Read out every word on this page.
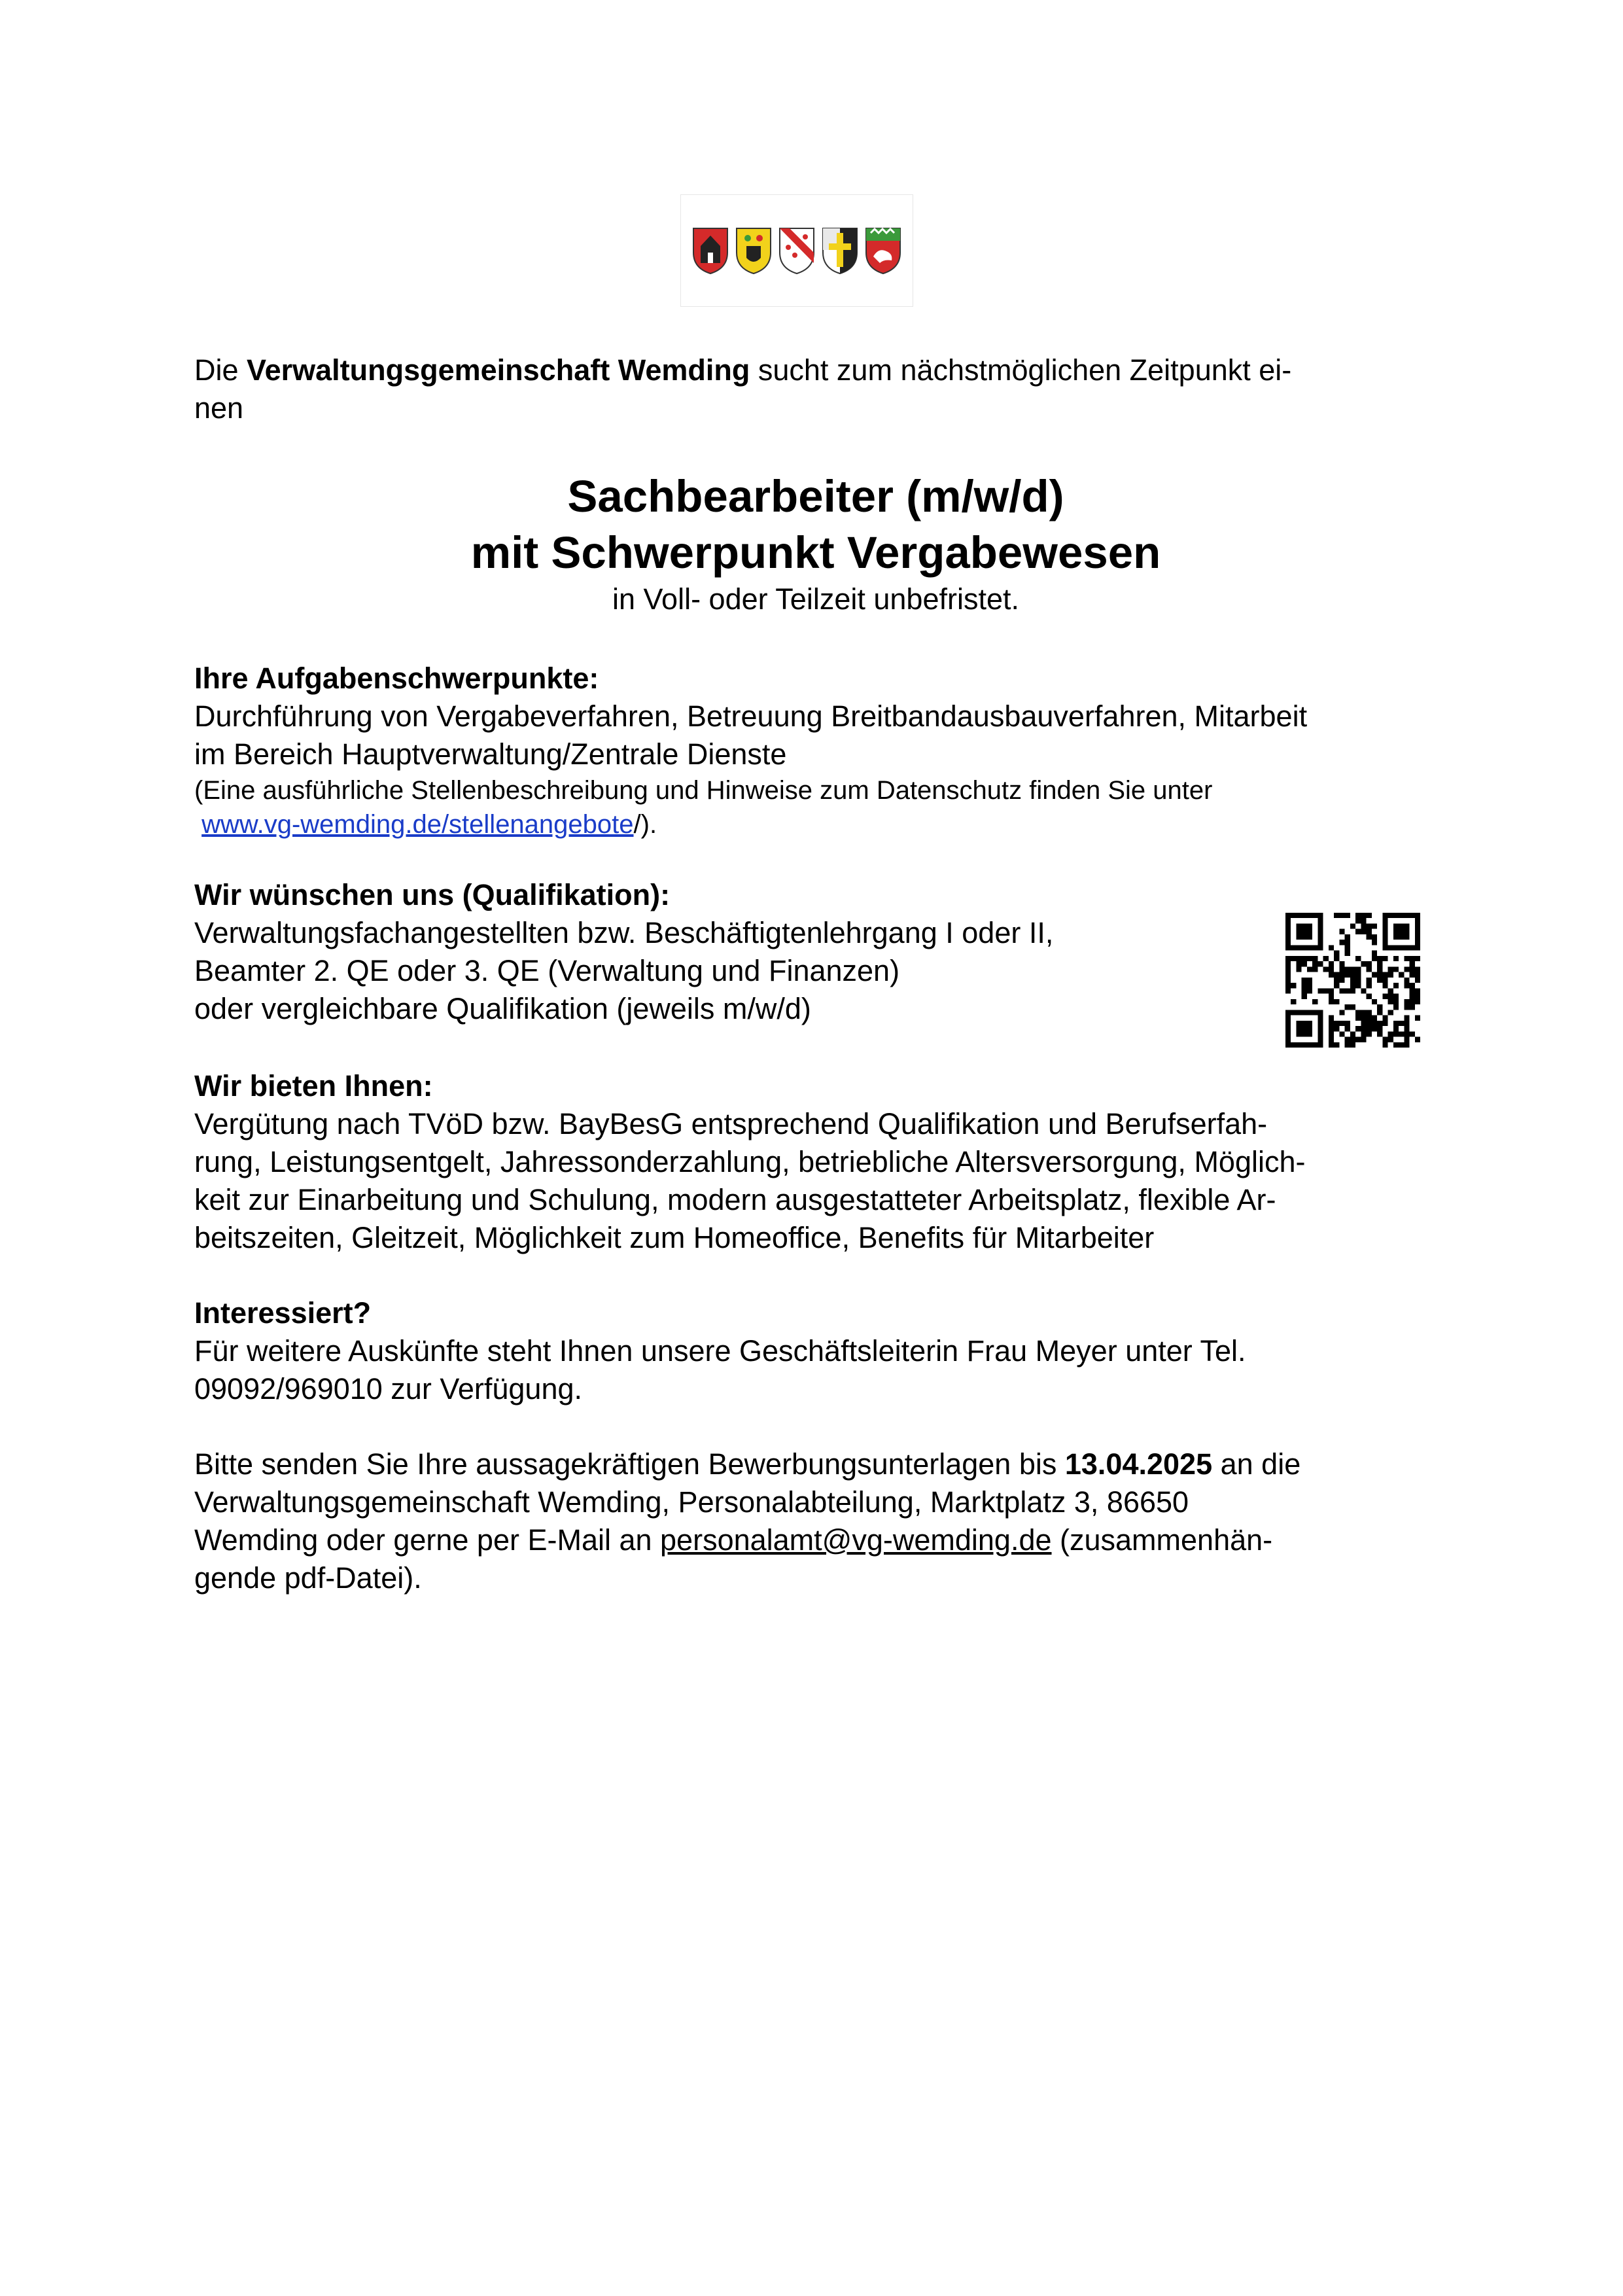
Die Verwaltungsgemeinschaft Wemding sucht zum nächstmöglichen Zeitpunkt ei-

nen

Sachbearbeiter (m/w/d)

mit Schwerpunkt Vergabewesen

in Voll- oder Teilzeit unbefristet.

Ihre Aufgabenschwerpunkte:

Durchführung von Vergabeverfahren, Betreuung Breitbandausbauverfahren, Mitarbeit

im Bereich Hauptverwaltung/Zentrale Dienste

(Eine ausführliche Stellenbeschreibung und Hinweise zum Datenschutz finden Sie unter

www.vg-wemding.de/stellenangebote/).

Wir wünschen uns (Qualifikation):

Verwaltungsfachangestellten bzw. Beschäftigtenlehrgang I oder II,

Beamter 2. QE oder 3. QE (Verwaltung und Finanzen)

oder vergleichbare Qualifikation (jeweils m/w/d)

Wir bieten Ihnen:

Vergütung nach TVöD bzw. BayBesG entsprechend Qualifikation und Berufserfah-

rung, Leistungsentgelt, Jahressonderzahlung, betriebliche Altersversorgung, Möglich-

keit zur Einarbeitung und Schulung, modern ausgestatteter Arbeitsplatz, flexible Ar-

beitszeiten, Gleitzeit, Möglichkeit zum Homeoffice, Benefits für Mitarbeiter

Interessiert?

Für weitere Auskünfte steht Ihnen unsere Geschäftsleiterin Frau Meyer unter Tel.

09092/969010 zur Verfügung.

Bitte senden Sie Ihre aussagekräftigen Bewerbungsunterlagen bis 13.04.2025 an die

Verwaltungsgemeinschaft Wemding, Personalabteilung, Marktplatz 3, 86650

Wemding oder gerne per E-Mail an personalamt@vg-wemding.de (zusammenhän-

gende pdf-Datei).
